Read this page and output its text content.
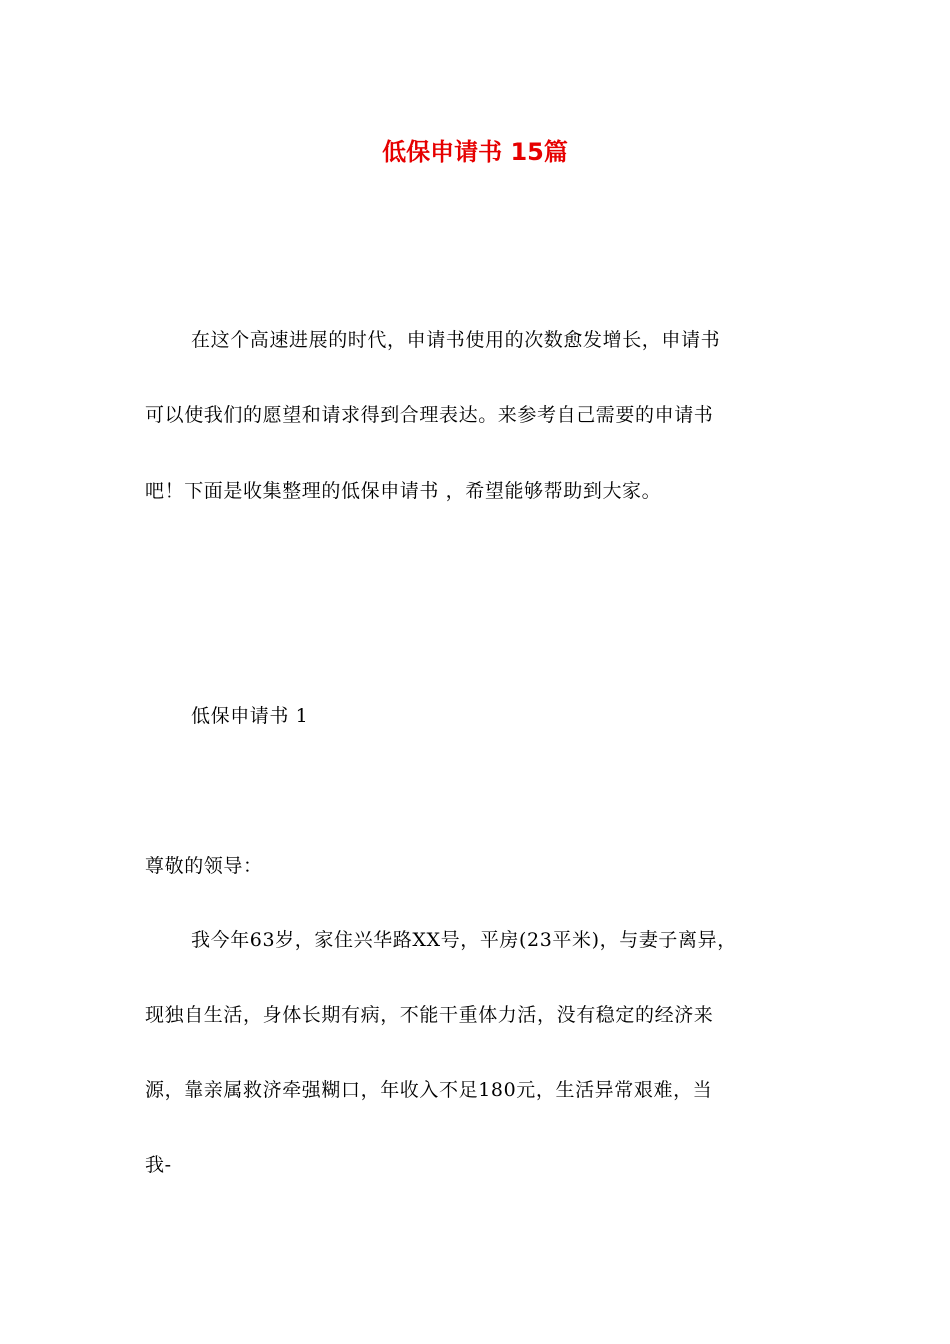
低保申请书 15篇
在这个高速进展的时代，申请书使用的次数愈发增长，申请书
可以使我们的愿望和请求得到合理表达。来参考自己需要的申请书
吧！下面是收集整理的低保申请书 ，希望能够帮助到大家。
低保申请书 1
尊敬的领导：
我今年63岁，家住兴华路XX号，平房(23平米)，与妻子离异，
现独自生活，身体长期有病，不能干重体力活，没有稳定的经济来
源，靠亲属救济牵强糊口，年收入不足180元，生活异常艰难，当
我-
